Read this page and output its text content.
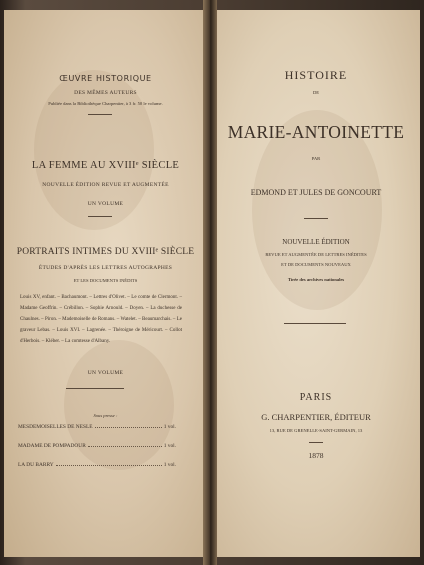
ŒUVRE HISTORIQUE
DES MÊMES AUTEURS
Publiée dans la Bibliothèque Charpentier, à 3 fr. 50 le volume.
LA FEMME AU XVIIIᵉ SIÈCLE
NOUVELLE ÉDITION REVUE ET AUGMENTÉE
UN VOLUME
PORTRAITS INTIMES DU XVIIIᵉ SIÈCLE
ÉTUDES D'APRÈS LES LETTRES AUTOGRAPHES
ET LES DOCUMENTS INÉDITS
Louis XV, enfant. – Bachaumont. – Lettres d'Olivet. – Le comte de Clermont. – Madame Geoffrin. – Crébillon. – Sophie Arnould. – Doyen. – La duchesse de Chaulnes. – Piron. – Mademoiselle de Romans. – Watelet. – Beaumarchais. – Le graveur Lebas. – Louis XVI. – Lagrenée. – Théroigne de Méricourt. – Collot d'Herbois. – Kléber. – La comtesse d'Albany.
UN VOLUME
Sous presse :
MESDEMOISELLES DE NESLE	1 vol.
MADAME DE POMPADOUR	1 vol.
LA DU BARRY	1 vol.
HISTOIRE
DE
MARIE-ANTOINETTE
PAR
EDMOND ET JULES DE GONCOURT
NOUVELLE ÉDITION
REVUE ET AUGMENTÉE DE LETTRES INÉDITES
ET DE DOCUMENTS NOUVEAUX
Tirée des archives nationales
PARIS
G. CHARPENTIER, ÉDITEUR
13, RUE DE GRENELLE-SAINT-GERMAIN, 13
1878
